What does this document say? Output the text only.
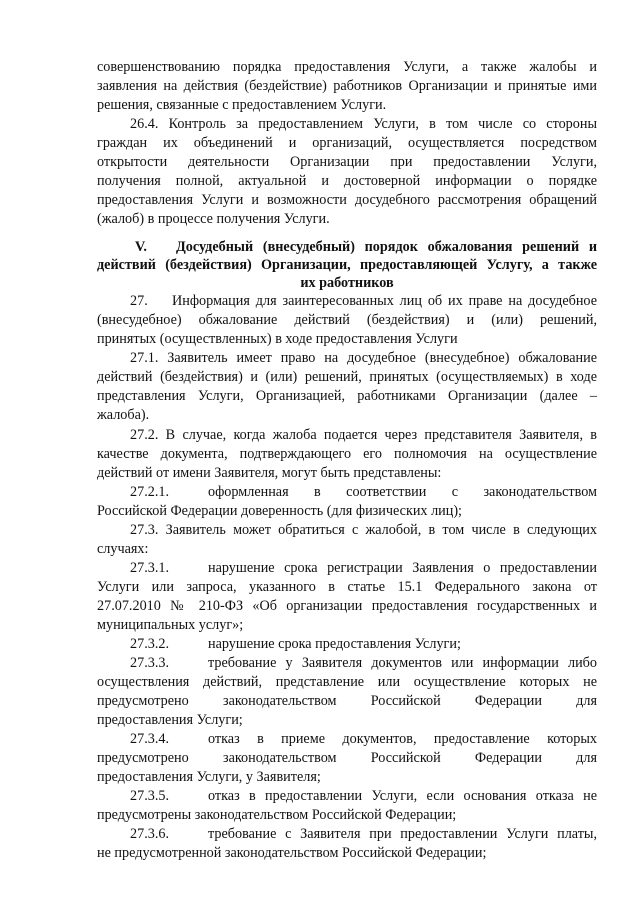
совершенствованию порядка предоставления Услуги, а также жалобы и
заявления на действия (бездействие) работников Организации и принятые ими
решения, связанные с предоставлением Услуги.
26.4. Контроль за предоставлением Услуги, в том числе со стороны
граждан их объединений и организаций, осуществляется посредством
открытости деятельности Организации при предоставлении Услуги,
получения полной, актуальной и достоверной информации о порядке
предоставления Услуги и возможности досудебного рассмотрения обращений
(жалоб) в процессе получения Услуги.
V.	Досудебный (внесудебный) порядок обжалования решений и
действий (бездействия) Организации, предоставляющей Услугу, а также
их работников
27. Информация для заинтересованных лиц об их праве на досудебное
(внесудебное) обжалование действий (бездействия) и (или) решений,
принятых (осуществленных) в ходе предоставления Услуги
27.1. Заявитель имеет право на досудебное (внесудебное) обжалование
действий (бездействия) и (или) решений, принятых (осуществляемых) в ходе
представления Услуги, Организацией, работниками Организации (далее –
жалоба).
27.2. В случае, когда жалоба подается через представителя Заявителя, в
качестве документа, подтверждающего его полномочия на осуществление
действий от имени Заявителя, могут быть представлены:
27.2.1.	оформленная в соответствии с законодательством
Российской Федерации доверенность (для физических лиц);
27.3. Заявитель может обратиться с жалобой, в том числе в следующих
случаях:
27.3.1.	нарушение срока регистрации Заявления о предоставлении
Услуги или запроса, указанного в статье 15.1 Федерального закона от
27.07.2010 № 210-ФЗ «Об организации предоставления государственных и
муниципальных услуг»;
27.3.2.	нарушение срока предоставления Услуги;
27.3.3.	требование у Заявителя документов или информации либо
осуществления действий, представление или осуществление которых не
предусмотрено законодательством Российской Федерации для
предоставления Услуги;
27.3.4.	отказ в приеме документов, предоставление которых
предусмотрено законодательством Российской Федерации для
предоставления Услуги, у Заявителя;
27.3.5.	отказ в предоставлении Услуги, если основания отказа не
предусмотрены законодательством Российской Федерации;
27.3.6.	требование с Заявителя при предоставлении Услуги платы,
не предусмотренной законодательством Российской Федерации;
